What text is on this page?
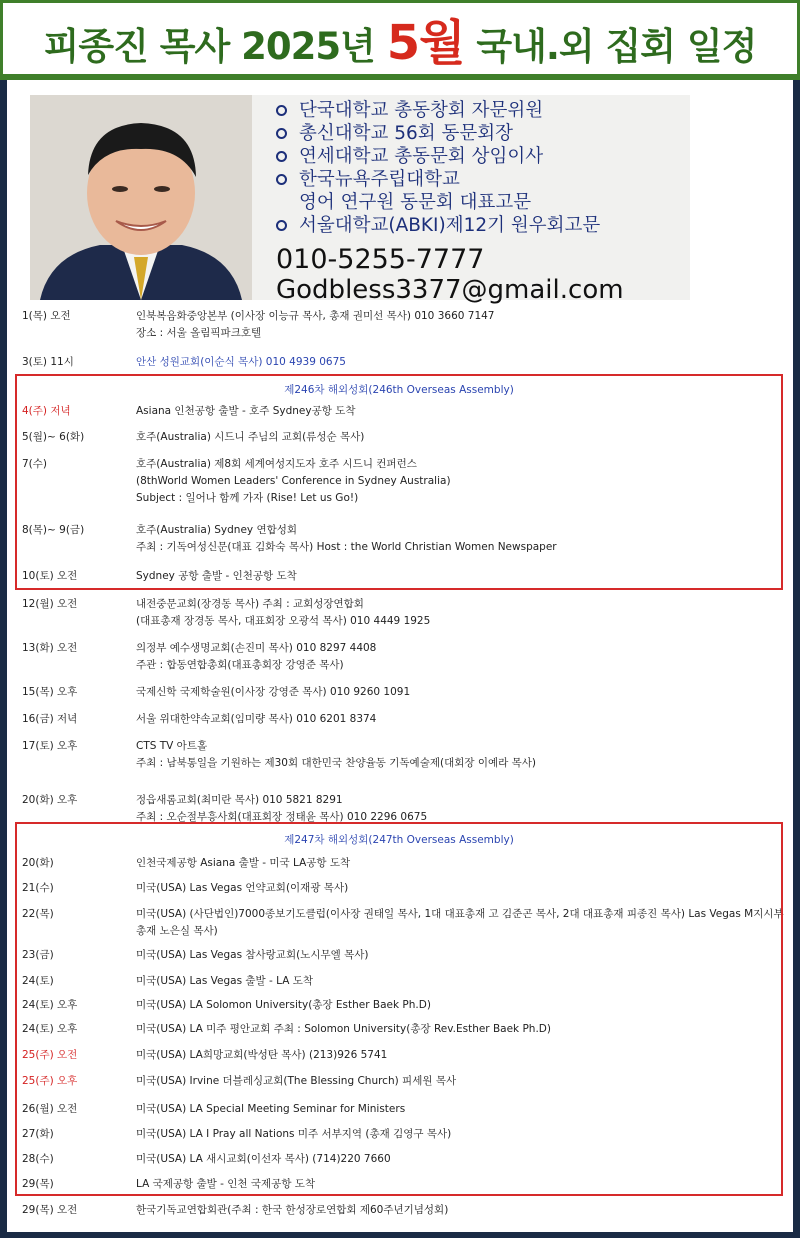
피종진 목사 2025년 5월 국내.외 집회 일정
단국대학교 총동창회 자문위원
총신대학교 56회 동문회장
연세대학교 총동문회 상임이사
한국뉴욕주립대학교
영어 연구원 동문회 대표고문
서울대학교(ABKI)제12기 원우회고문
010-5255-7777
Godbless3377@gmail.com
1(목) 오전	인북복음화중앙본부 (이사장 이능규 목사, 총재 권미선 목사) 010 3660 7147
장소 : 서울 올림픽파크호텔
3(토) 11시	안산 성원교회(이순식 목사) 010 4939 0675
4(주) 저녁	Asiana 인천공항 출발 - 호주 Sydney공항 도착
5(월)~ 6(화)	호주(Australia) 시드니 주님의 교회(류성순 목사)
7(수)	호주(Australia) 제8회 세계여성지도자 호주 시드니 컨퍼런스
(8thWorld Women Leaders' Conference in Sydney Australia)
Subject : 일어나 함께 가자 (Rise! Let us Go!)
8(목)~ 9(금)	호주(Australia) Sydney 연합성회
주최 : 기독여성신문(대표 김화숙 목사) Host : the World Christian Women Newspaper
10(토) 오전	Sydney 공항 출발 - 인천공항 도착
12(월) 오전	내전중문교회(장경동 목사) 주최 : 교회성장연합회
(대표총재 장경동 목사, 대표회장 오광석 목사) 010 4449 1925
13(화) 오전	의정부 예수생명교회(손진미 목사) 010 8297 4408
주관 : 합동연합총회(대표총회장 강영준 목사)
15(목) 오후	국제신학 국제학술원(이사장 강영준 목사) 010 9260 1091
16(금) 저녁	서울 위대한약속교회(임미량 목사) 010 6201 8374
17(토) 오후	CTS TV 아트홀
주최 : 남북통일을 기원하는 제30회 대한민국 찬양율동 기독예술제(대회장 이예라 목사)
20(화) 오후	정읍새롬교회(최미란 목사) 010 5821 8291
주최 : 오순절부흥사회(대표회장 정태윤 목사) 010 2296 0675
20(화)	인천국제공항 Asiana 출발 - 미국 LA공항 도착
21(수)	미국(USA) Las Vegas 언약교회(이재광 목사)
22(목)	미국(USA) (사단법인)7000종보기도클럽(이사장 권태일 목사, 1대 대표총재 고 김준곤 목사, 2대 대표총재 피종진 목사) Las Vegas M지시부총재 노은실 목사)
23(금)	미국(USA) Las Vegas 참사랑교회(노시무엘 목사)
24(토)	미국(USA) Las Vegas 출발 - LA 도착
24(토) 오후	미국(USA) LA Solomon University(총장 Esther Baek Ph.D)
24(토) 오후	미국(USA) LA 미주 평안교회 주최 : Solomon University(총장 Rev.Esther Baek Ph.D)
25(주) 오전	미국(USA) LA희망교회(박성탄 목사) (213)926 5741
25(주) 오후	미국(USA) Irvine 더블레싱교회(The Blessing Church) 피세원 목사
26(월) 오전	미국(USA) LA Special Meeting Seminar for Ministers
27(화)	미국(USA) LA I Pray all Nations 미주 서부지역 (총재 김영구 목사)
28(수)	미국(USA) LA 새시교회(이선자 목사) (714)220 7660
29(목)	LA 국제공항 출발 - 인천 국제공항 도착
29(목) 오전	한국기독교연합회관(주최 : 한국 한성장로연합회 제60주년기념성회)
제246차 해외성회(246th Overseas Assembly)
제247차 해외성회(247th Overseas Assembly)
